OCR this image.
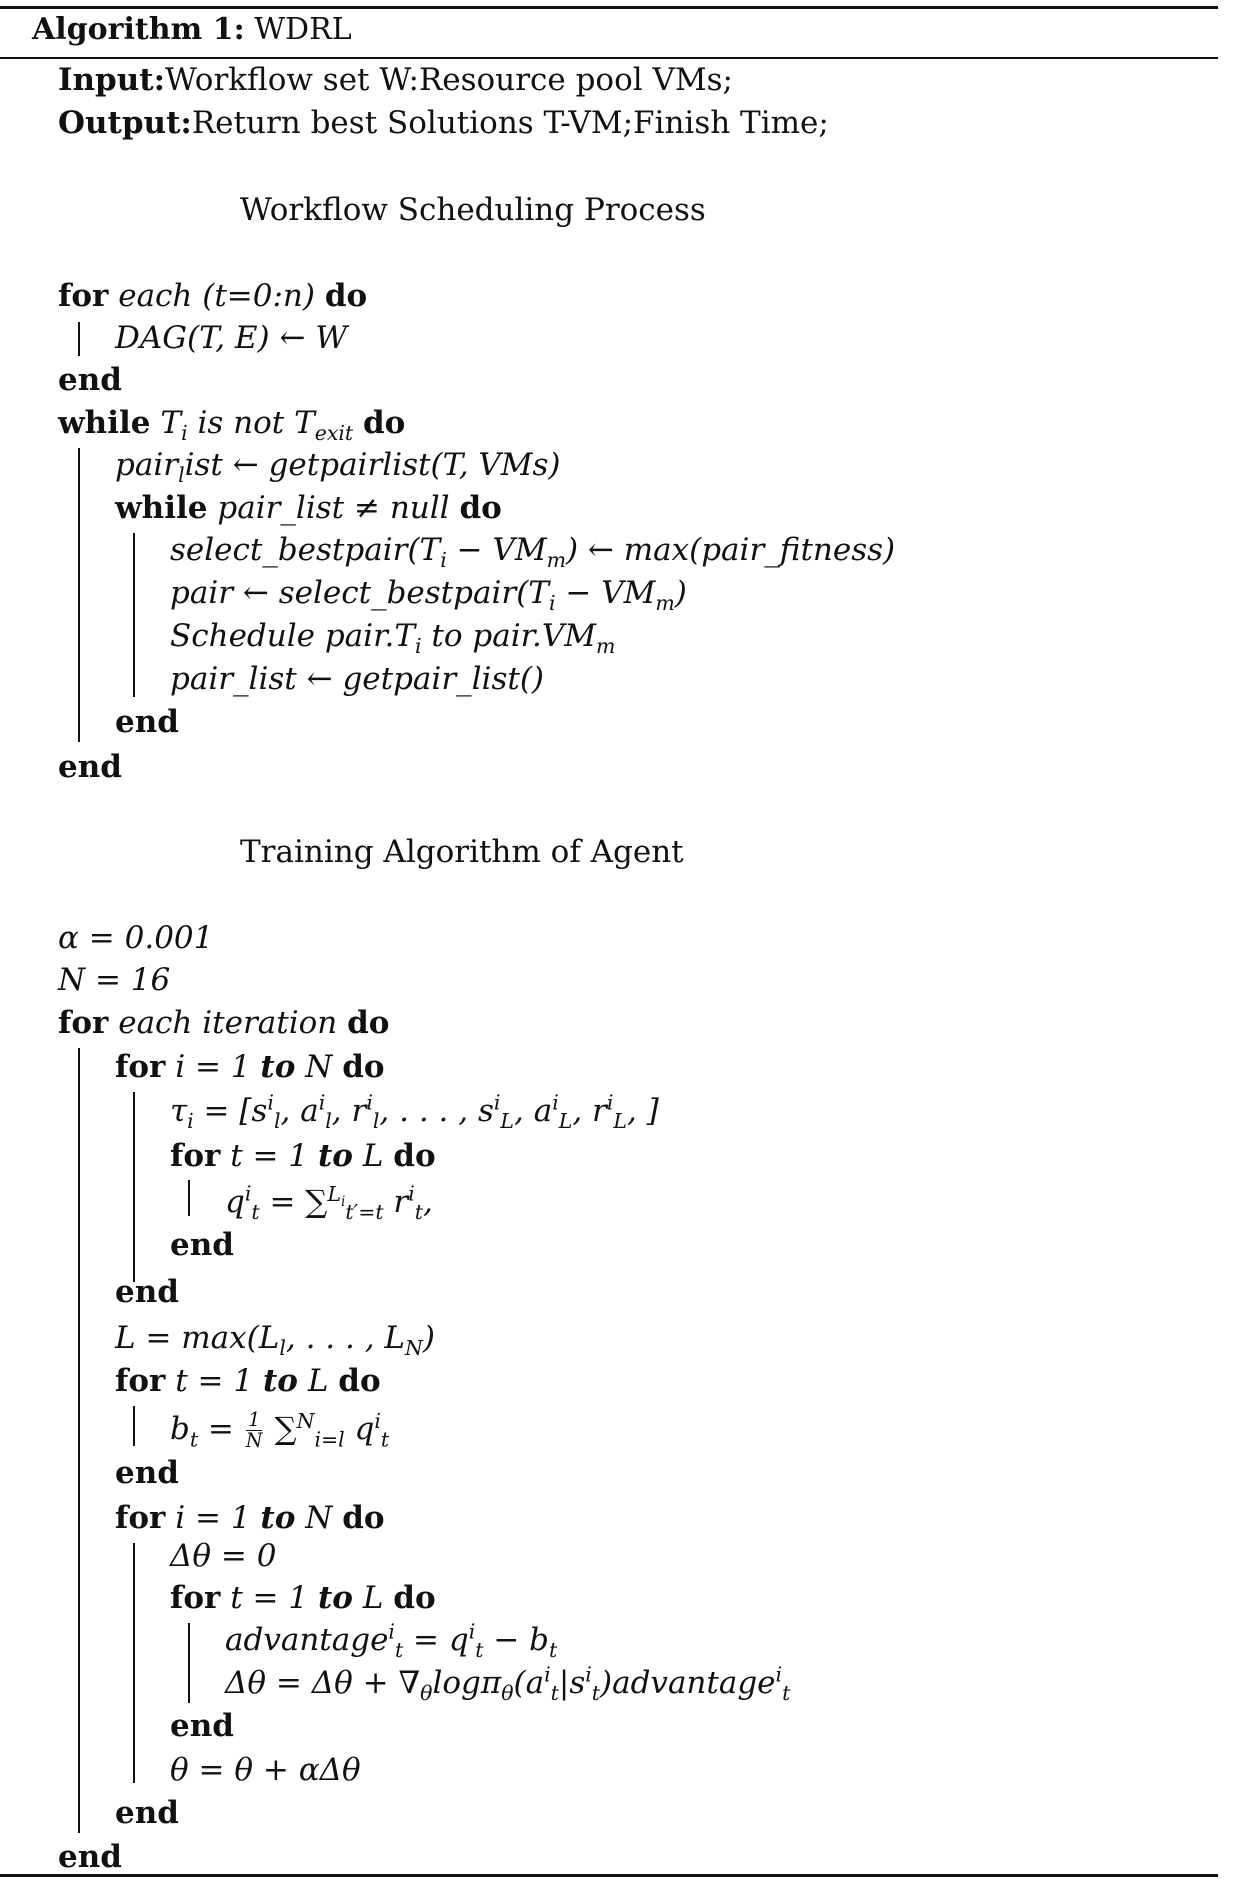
Algorithm 1: WDRL
Input:Workflow set W:Resource pool VMs;
Output:Return best Solutions T-VM;Finish Time;
Workflow Scheduling Process
for each (t=0:n) do
DAG(T, E) ← W
end
while $T_i$ is not $T_{exit}$ do
pair$_l$ist ← getpairlist(T, VMs)
while pair_list ≠ null do
$select\_bestpair(T_i - VM_m)$ ← max(pair_fitness)
pair ← $select\_bestpair(T_i - VM_m)$
Schedule $pair.T_i$ to $pair.VM_m$
pair_list ← getpair_list()
end
end
Training Algorithm of Agent
α = 0.001
N = 16
for each iteration do
for i = 1 to N do
$\tau_i = [s^i_l$, $a^i_l$, $r^i_l$, . . . , $s^i_L$, $a^i_L$, $r^i_L$, ]
for t = 1 to L do
$q^i_t = \sum^{L_i}_{t'=t}$ $r^i_t$,
end
end
$L = \max(L_l$, . . . , $L_N$)
for t = 1 to L do
$b_t = \frac{1}{N} \sum^N_{i=l}$ $q^i_t$
end
for i = 1 to N do
Δθ = 0
for t = 1 to L do
advantage$^i_t$ = $q^i_t - b_t$
$\Delta\theta = \Delta\theta + \nabla_\theta\log\pi_\theta(a^i_t|s^i_t)advantage^i_t$
end
θ = θ + αΔθ
end
end
